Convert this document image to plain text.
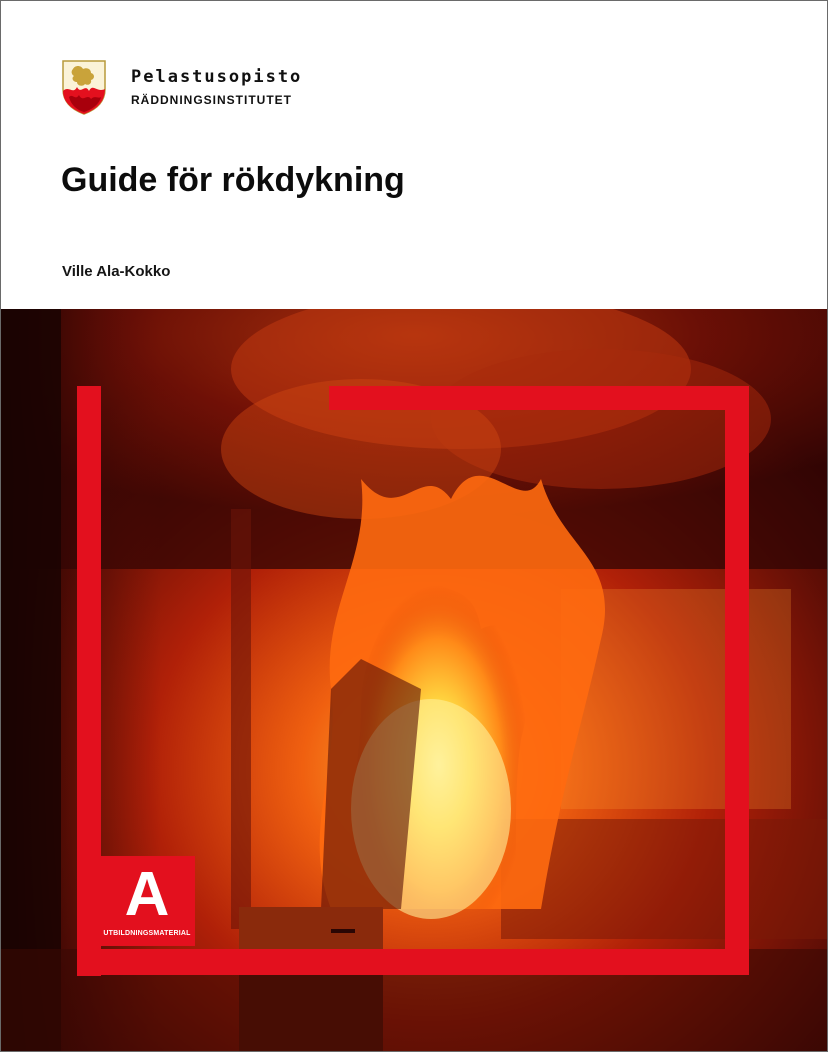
Pelastusopisto
RÄDDNINGSINSTITUTET
Guide för rökdykning
Ville Ala-Kokko
A
UTBILDNINGSMATERIAL
